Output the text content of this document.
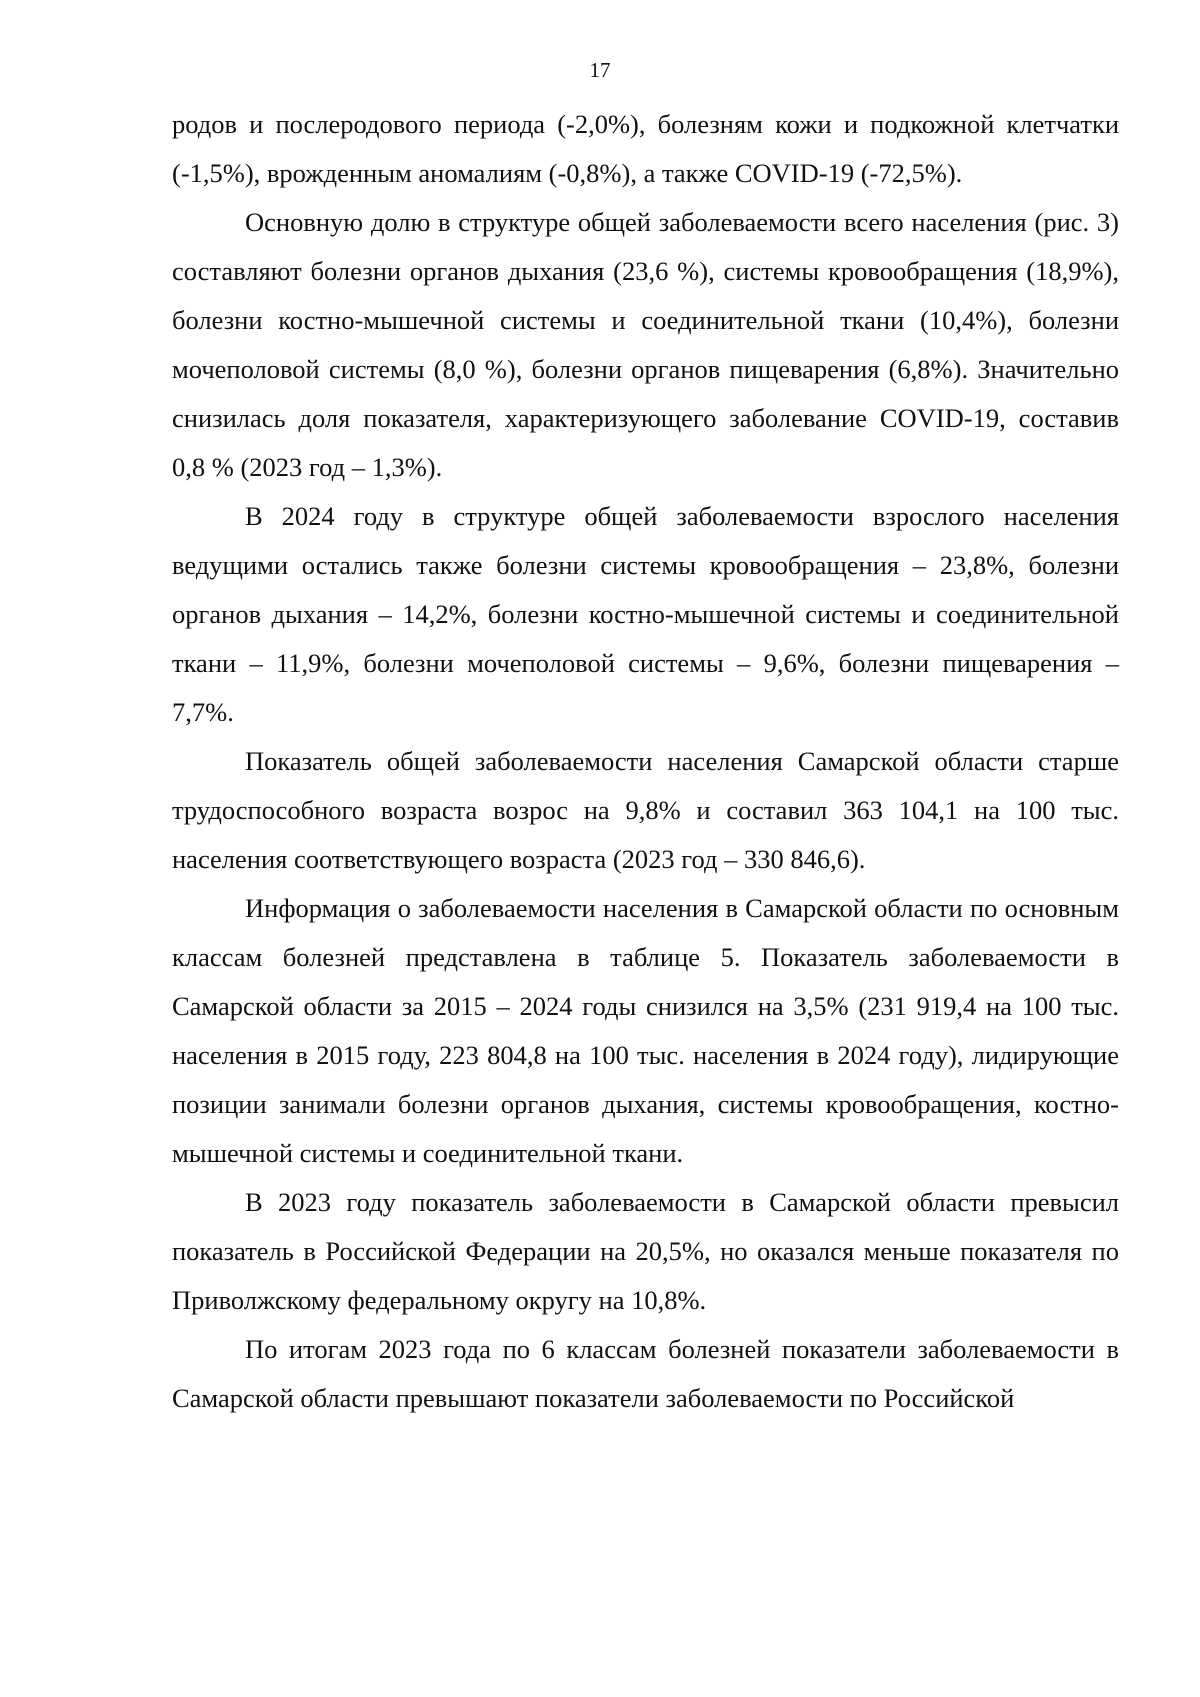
17

родов и послеродового периода (-2,0%), болезням кожи и подкожной клетчатки (-1,5%), врожденным аномалиям (-0,8%), а также COVID-19 (-72,5%).

Основную долю в структуре общей заболеваемости всего населения (рис. 3) составляют болезни органов дыхания (23,6 %), системы кровообращения (18,9%), болезни костно-мышечной системы и соединительной ткани (10,4%), болезни мочеполовой системы (8,0 %), болезни органов пищеварения (6,8%). Значительно снизилась доля показателя, характеризующего заболевание COVID-19, составив 0,8 % (2023 год – 1,3%).

В 2024 году в структуре общей заболеваемости взрослого населения ведущими остались также болезни системы кровообращения – 23,8%, болезни органов дыхания – 14,2%, болезни костно-мышечной системы и соединительной ткани – 11,9%, болезни мочеполовой системы – 9,6%, болезни пищеварения – 7,7%.

Показатель общей заболеваемости населения Самарской области старше трудоспособного возраста возрос на 9,8% и составил 363 104,1 на 100 тыс. населения соответствующего возраста (2023 год – 330 846,6).

Информация о заболеваемости населения в Самарской области по основным классам болезней представлена в таблице 5. Показатель заболеваемости в Самарской области за 2015 – 2024 годы снизился на 3,5% (231 919,4 на 100 тыс. населения в 2015 году, 223 804,8 на 100 тыс. населения в 2024 году), лидирующие позиции занимали болезни органов дыхания, системы кровообращения, костно-мышечной системы и соединительной ткани.

В 2023 году показатель заболеваемости в Самарской области превысил показатель в Российской Федерации на 20,5%, но оказался меньше показателя по Приволжскому федеральному округу на 10,8%.

По итогам 2023 года по 6 классам болезней показатели заболеваемости в Самарской области превышают показатели заболеваемости по Российской
